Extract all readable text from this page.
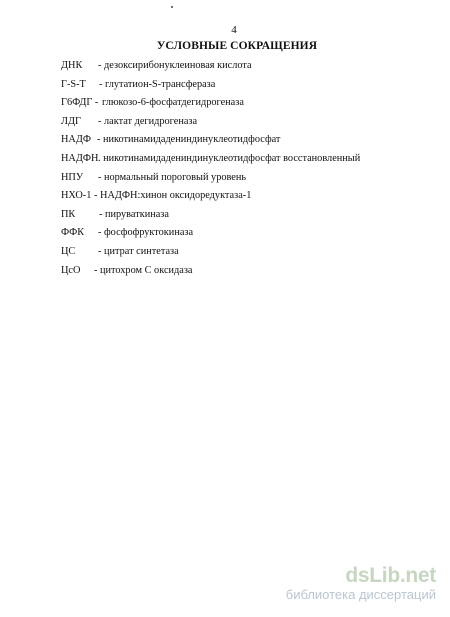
4
УСЛОВНЫЕ СОКРАЩЕНИЯ
ДНК - дезоксирибонуклеиновая кислота
Г-S-T - глутатион-S-трансфераза
Г6ФДГ - глюкозо-6-фосфатдегидрогеназа
ЛДГ - лактат дегидрогеназа
НАДФ - никотинамидадениндинуклеотидфосфат
НАДФН . никотинамидадениндинуклеотидфосфат восстановленный
НПУ - нормальный пороговый уровень
НХО-1 - НАДФН:хинон оксидоредуктаза-1
ПК - пируваткиназа
ФФК - фосфофруктокиназа
ЦС - цитрат синтетаза
ЦсО - цитохром С оксидаза
dsLib.net
библиотека диссертаций
